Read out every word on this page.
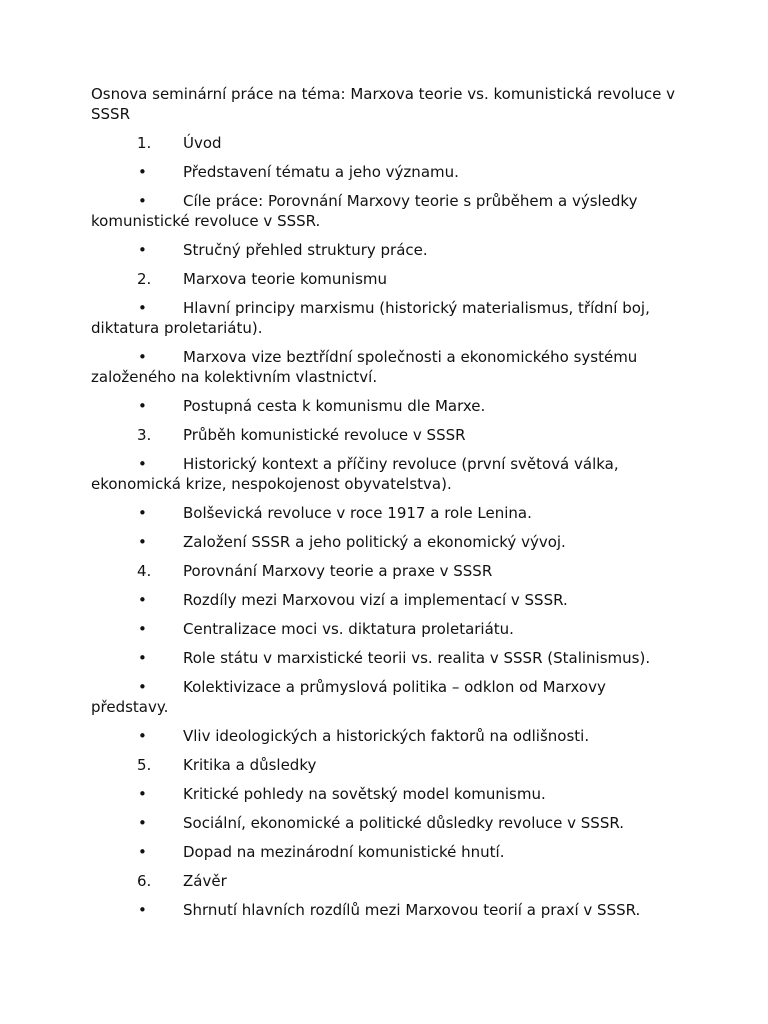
Osnova seminární práce na téma: Marxova teorie vs. komunistická revoluce v SSSR

1.	Úvod
•	Představení tématu a jeho významu.
•	Cíle práce: Porovnání Marxovy teorie s průběhem a výsledky komunistické revoluce v SSSR.
•	Stručný přehled struktury práce.
2.	Marxova teorie komunismu
•	Hlavní principy marxismu (historický materialismus, třídní boj, diktatura proletariátu).
•	Marxova vize beztřídní společnosti a ekonomického systému založeného na kolektivním vlastnictví.
•	Postupná cesta k komunismu dle Marxe.
3.	Průběh komunistické revoluce v SSSR
•	Historický kontext a příčiny revoluce (první světová válka, ekonomická krize, nespokojenost obyvatelstva).
•	Bolševická revoluce v roce 1917 a role Lenina.
•	Založení SSSR a jeho politický a ekonomický vývoj.
4.	Porovnání Marxovy teorie a praxe v SSSR
•	Rozdíly mezi Marxovou vizí a implementací v SSSR.
•	Centralizace moci vs. diktatura proletariátu.
•	Role státu v marxistické teorii vs. realita v SSSR (Stalinismus).
•	Kolektivizace a průmyslová politika – odklon od Marxovy představy.
•	Vliv ideologických a historických faktorů na odlišnosti.
5.	Kritika a důsledky
•	Kritické pohledy na sovětský model komunismu.
•	Sociální, ekonomické a politické důsledky revoluce v SSSR.
•	Dopad na mezinárodní komunistické hnutí.
6.	Závěr
•	Shrnutí hlavních rozdílů mezi Marxovou teorií a praxí v SSSR.
